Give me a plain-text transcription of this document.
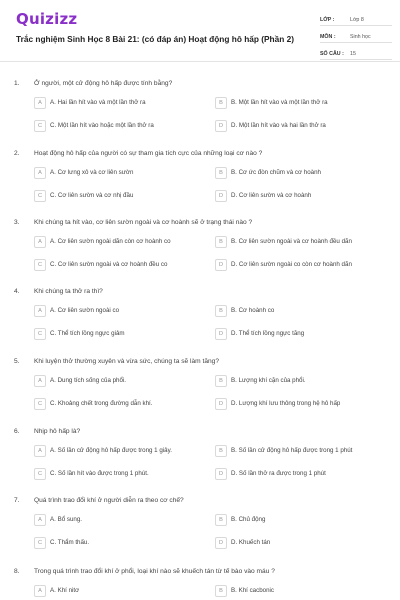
Quizizz
Trắc nghiệm Sinh Học 8 Bài 21: (có đáp án) Hoạt động hô hấp (Phần 2)
LỚP :	Lớp 8
MÔN :	Sinh học
SỐ CÂU :	15
1. Ở người, một cử động hô hấp được tính bằng?
A	A. Hai lần hít vào và một lần thở ra	B	B. Một lần hít vào và một lần thở ra
C	C. Một lần hít vào hoặc một lần thở ra	D	D. Một lần hít vào và hai lần thở ra
2. Hoạt động hô hấp của người có sự tham gia tích cực của những loại cơ nào ?
A	A. Cơ lưng xô và cơ liên sườn	B	B. Cơ ức đòn chũm và cơ hoành
C	C. Cơ liên sườn và cơ nhị đầu	D	D. Cơ liên sườn và cơ hoành
3. Khi chúng ta hít vào, cơ liên sườn ngoài và cơ hoành sẽ ở trạng thái nào ?
A	A. Cơ liên sườn ngoài dãn còn cơ hoành co	B	B. Cơ liên sườn ngoài và cơ hoành đều dãn
C	C. Cơ liên sườn ngoài và cơ hoành đều co	D	D. Cơ liên sườn ngoài co còn cơ hoành dãn
4. Khi chúng ta thở ra thì?
A	A. Cơ liên sườn ngoài co	B	B. Cơ hoành co
C	C. Thể tích lồng ngực giảm	D	D. Thể tích lồng ngực tăng
5. Khi luyện thở thường xuyên và vừa sức, chúng ta sẽ làm tăng?
A	A. Dung tích sống của phổi.	B	B. Lượng khí cặn của phổi.
C	C. Khoảng chết trong đường dẫn khí.	D	D. Lượng khí lưu thông trong hệ hô hấp
6. Nhịp hô hấp là?
A	A. Số lần cử động hô hấp được trong 1 giây.	B	B. Số lần cử động hô hấp được trong 1 phút
C	C. Số lần hít vào được trong 1 phút.	D	D. Số lần thở ra được trong 1 phút
7. Quá trình trao đổi khí ở người diễn ra theo cơ chế?
A	A. Bổ sung.	B	B. Chủ động
C	C. Thẩm thấu.	D	D. Khuếch tán
8. Trong quá trình trao đổi khí ở phổi, loại khí nào sẽ khuếch tán từ tế bào vào máu ?
A	A. Khí nitơ	B	B. Khí cacbonic
